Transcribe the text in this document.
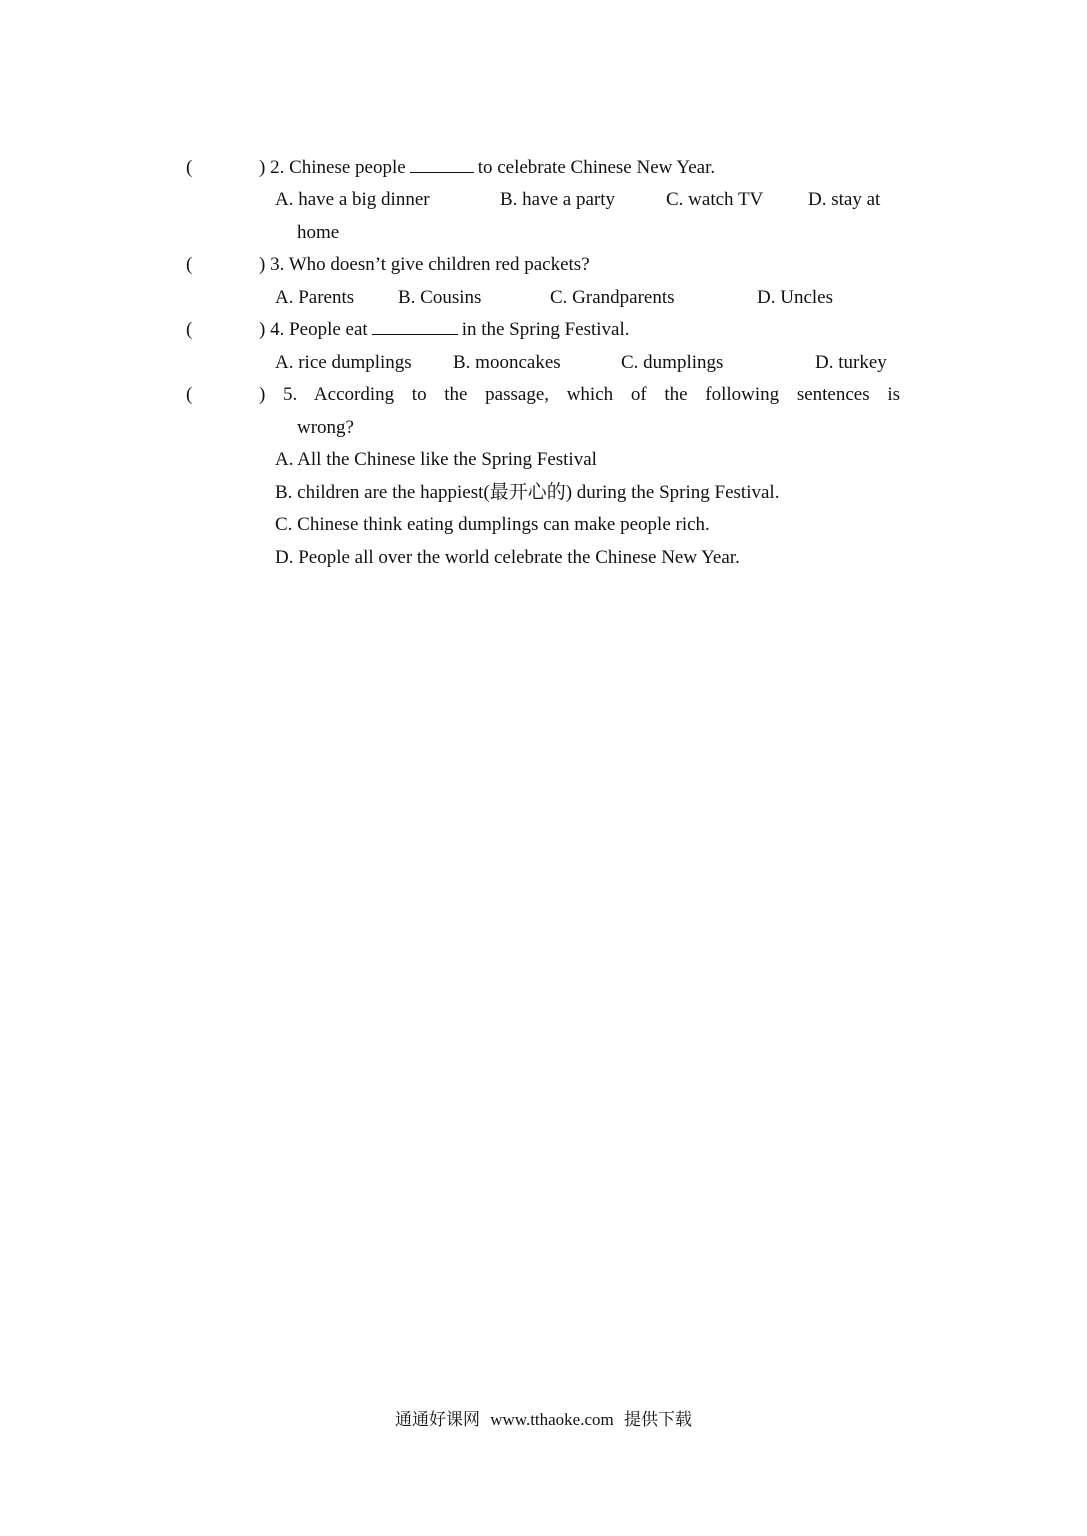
(	) 2. Chinese people	to celebrate Chinese New Year.
A. have a big dinner	B. have a party	C. watch TV D. stay at
home
(	) 3. Who doesn’t give children red packets?
A. Parents B. Cousins	C. Grandparents	D. Uncles
(	) 4. People eat	in the Spring Festival.
A. rice dumplings B. mooncakes	C. dumplings	D. turkey
(	) 5. According to the passage, which of the following sentences is
wrong?
A. All the Chinese like the Spring Festival
B. children are the happiest(最开心的) during the Spring Festival.
C. Chinese think eating dumplings can make people rich.
D. People all over the world celebrate the Chinese New Year.
通通好课网 www.tthaoke.com 提供下载
